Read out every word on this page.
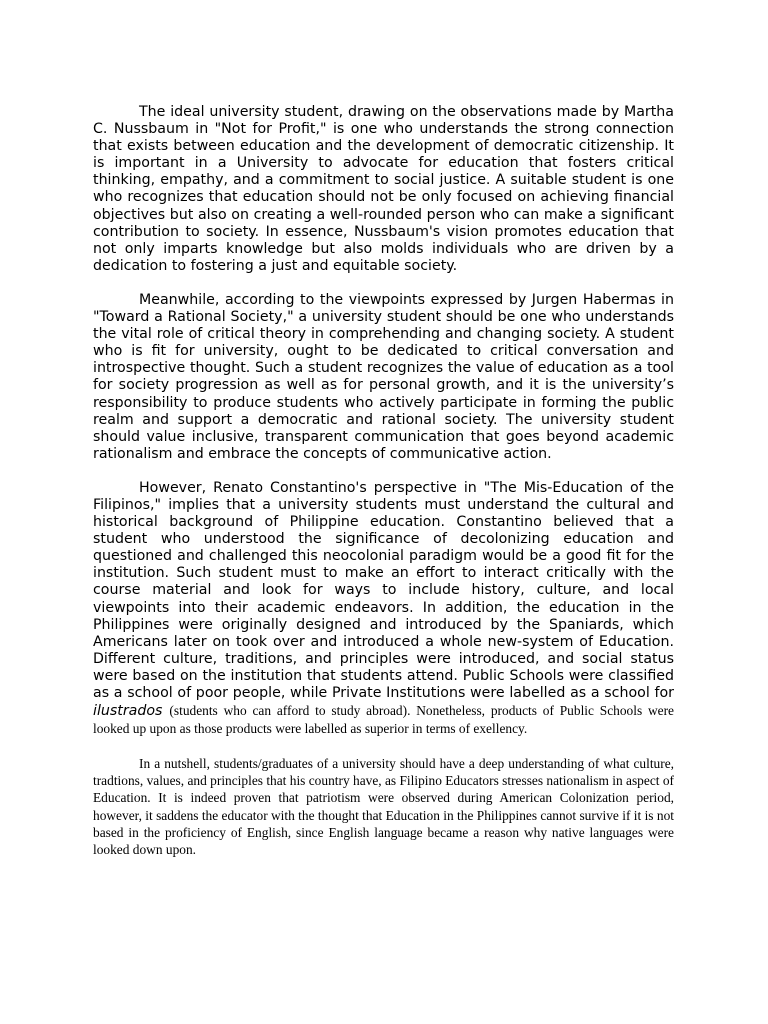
The ideal university student, drawing on the observations made by Martha C. Nussbaum in "Not for Profit," is one who understands the strong connection that exists between education and the development of democratic citizenship. It is important in a University to advocate for education that fosters critical thinking, empathy, and a commitment to social justice. A suitable student is one who recognizes that education should not be only focused on achieving financial objectives but also on creating a well-rounded person who can make a significant contribution to society. In essence, Nussbaum's vision promotes education that not only imparts knowledge but also molds individuals who are driven by a dedication to fostering a just and equitable society.

Meanwhile, according to the viewpoints expressed by Jurgen Habermas in "Toward a Rational Society," a university student should be one who understands the vital role of critical theory in comprehending and changing society. A student who is fit for university, ought to be dedicated to critical conversation and introspective thought. Such a student recognizes the value of education as a tool for society progression as well as for personal growth, and it is the university’s responsibility to produce students who actively participate in forming the public realm and support a democratic and rational society. The university student should value inclusive, transparent communication that goes beyond academic rationalism and embrace the concepts of communicative action.

However, Renato Constantino's perspective in "The Mis-Education of the Filipinos," implies that a university students must understand the cultural and historical background of Philippine education. Constantino believed that a student who understood the significance of decolonizing education and questioned and challenged this neocolonial paradigm would be a good fit for the institution. Such student must to make an effort to interact critically with the course material and look for ways to include history, culture, and local viewpoints into their academic endeavors. In addition, the education in the Philippines were originally designed and introduced by the Spaniards, which Americans later on took over and introduced a whole new-system of Education. Different culture, traditions, and principles were introduced, and social status were based on the institution that students attend. Public Schools were classified as a school of poor people, while Private Institutions were labelled as a school for ilustrados (students who can afford to study abroad). Nonetheless, products of Public Schools were looked up upon as those products were labelled as superior in terms of exellency.

In a nutshell, students/graduates of a university should have a deep understanding of what culture, tradtions, values, and principles that his country have, as Filipino Educators stresses nationalism in aspect of Education. It is indeed proven that patriotism were observed during American Colonization period, however, it saddens the educator with the thought that Education in the Philippines cannot survive if it is not based in the proficiency of English, since English language became a reason why native languages were looked down upon.
